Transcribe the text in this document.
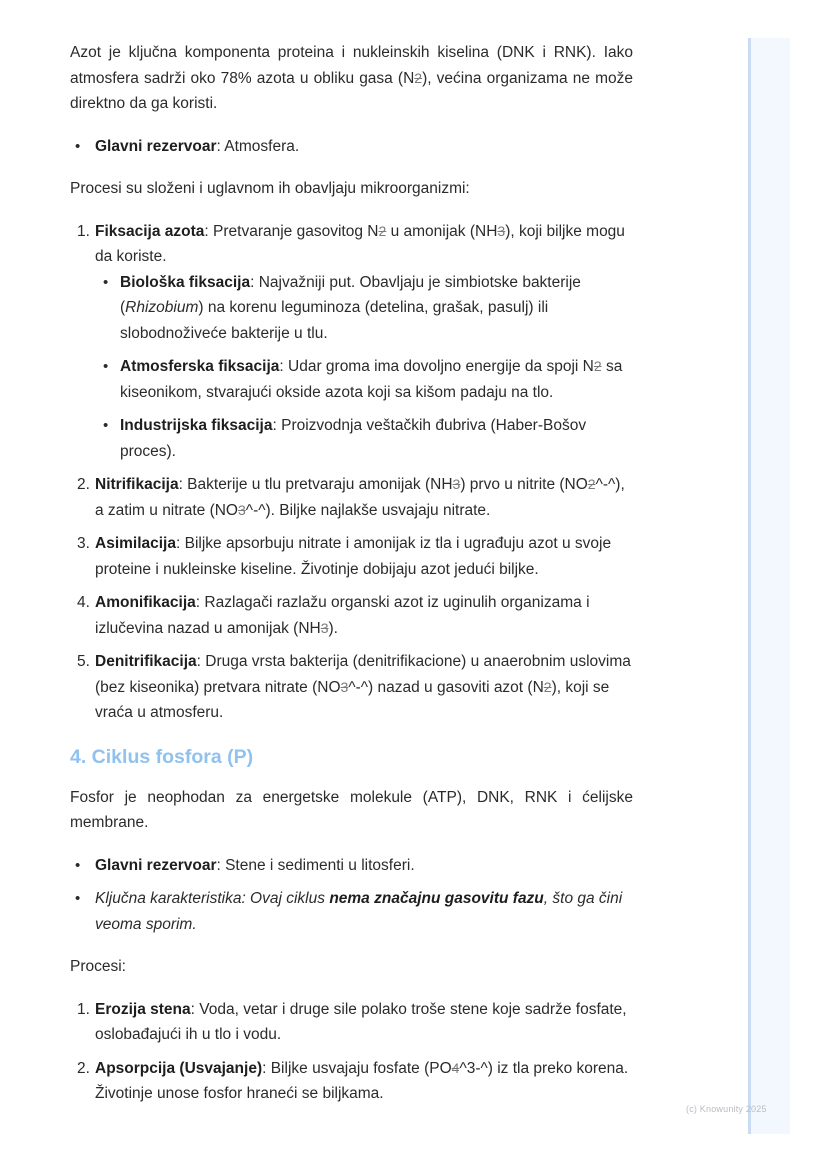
Azot je ključna komponenta proteina i nukleinskih kiselina (DNK i RNK). Iako atmosfera sadrži oko 78% azota u obliku gasa (N2), većina organizama ne može direktno da ga koristi.

• Glavni rezervoar: Atmosfera.

Procesi su složeni i uglavnom ih obavljaju mikroorganizmi:

1. Fiksacija azota: Pretvaranje gasovitog N2 u amonijak (NH3), koji biljke mogu da koriste.
• Biološka fiksacija: Najvažniji put. Obavljaju je simbiotske bakterije (Rhizobium) na korenu leguminoza (detelina, grašak, pasulj) ili slobodnoživeće bakterije u tlu.
• Atmosferska fiksacija: Udar groma ima dovoljno energije da spoji N2 sa kiseonikom, stvarajući okside azota koji sa kišom padaju na tlo.
• Industrijska fiksacija: Proizvodnja veštačkih đubriva (Haber-Bošov proces).
2. Nitrifikacija: Bakterije u tlu pretvaraju amonijak (NH3) prvo u nitrite (NO2^-^), a zatim u nitrate (NO3^-^). Biljke najlakše usvajaju nitrate.
3. Asimilacija: Biljke apsorbuju nitrate i amonijak iz tla i ugrađuju azot u svoje proteine i nukleinske kiseline. Životinje dobijaju azot jedući biljke.
4. Amonifikacija: Razlagači razlažu organski azot iz uginulih organizama i izlučevina nazad u amonijak (NH3).
5. Denitrifikacija: Druga vrsta bakterija (denitrifikacione) u anaerobnim uslovima (bez kiseonika) pretvara nitrate (NO3^-^) nazad u gasoviti azot (N2), koji se vraća u atmosferu.
4. Ciklus fosfora (P)

Fosfor je neophodan za energetske molekule (ATP), DNK, RNK i ćelijske membrane.

• Glavni rezervoar: Stene i sedimenti u litosferi.
• Ključna karakteristika: Ovaj ciklus nema značajnu gasovitu fazu, što ga čini veoma sporim.

Procesi:

1. Erozija stena: Voda, vetar i druge sile polako troše stene koje sadrže fosfate, oslobađajući ih u tlo i vodu.
2. Apsorpcija (Usvajanje): Biljke usvajaju fosfate (PO4^3-^) iz tla preko korena. Životinje unose fosfor hraneći se biljkama.
(c) Knowunity 2025
